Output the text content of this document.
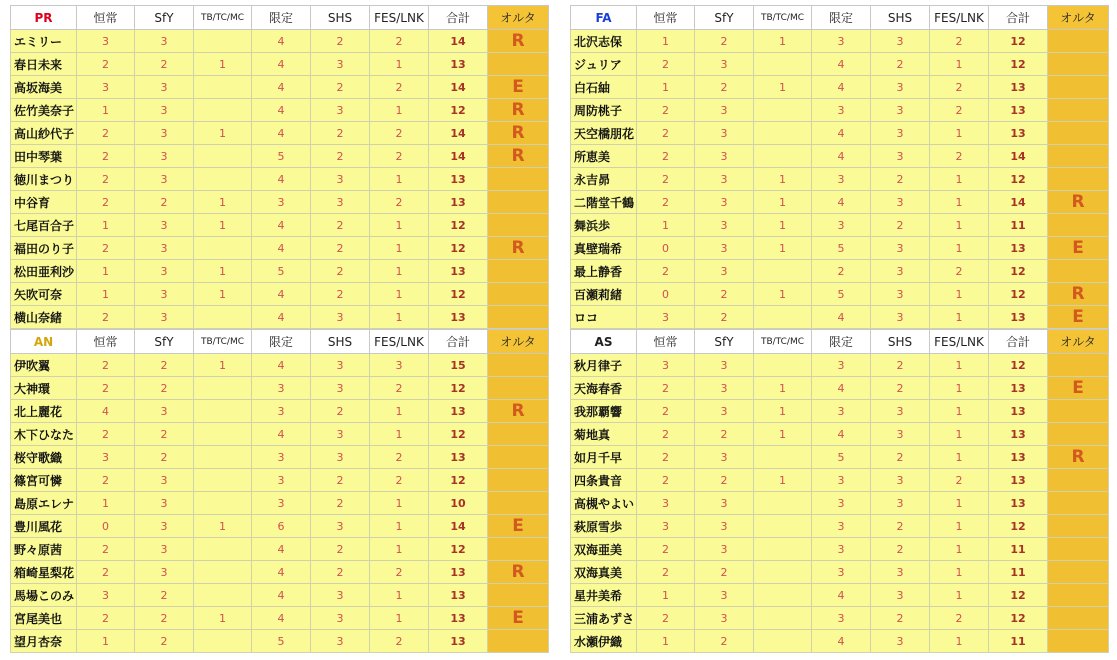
PR	恒常	SfY	TB/TC/MC	限定	SHS	FES/LNK	合計	オルタ
エミリー	3	3		4	2	2	14	R
春日未来	2	2	1	4	3	1	13	
高坂海美	3	3		4	2	2	14	E
佐竹美奈子	1	3		4	3	1	12	R
高山紗代子	2	3	1	4	2	2	14	R
田中琴葉	2	3		5	2	2	14	R
徳川まつり	2	3		4	3	1	13	
中谷育	2	2	1	3	3	2	13	
七尾百合子	1	3	1	4	2	1	12	
福田のり子	2	3		4	2	1	12	R
松田亜利沙	1	3	1	5	2	1	13	
矢吹可奈	1	3	1	4	2	1	12	
横山奈緒	2	3		4	3	1	13	
FA	恒常	SfY	TB/TC/MC	限定	SHS	FES/LNK	合計	オルタ
北沢志保	1	2	1	3	3	2	12	
ジュリア	2	3		4	2	1	12	
白石紬	1	2	1	4	3	2	13	
周防桃子	2	3		3	3	2	13	
天空橋朋花	2	3		4	3	1	13	
所恵美	2	3		4	3	2	14	
永吉昴	2	3	1	3	2	1	12	
二階堂千鶴	2	3	1	4	3	1	14	R
舞浜歩	1	3	1	3	2	1	11	
真壁瑞希	0	3	1	5	3	1	13	E
最上静香	2	3		2	3	2	12	
百瀬莉緒	0	2	1	5	3	1	12	R
ロコ	3	2		4	3	1	13	E
AN	恒常	SfY	TB/TC/MC	限定	SHS	FES/LNK	合計	オルタ
伊吹翼	2	2	1	4	3	3	15	
大神環	2	2		3	3	2	12	
北上麗花	4	3		3	2	1	13	R
木下ひなた	2	2		4	3	1	12	
桜守歌織	3	2		3	3	2	13	
篠宮可憐	2	3		3	2	2	12	
島原エレナ	1	3		3	2	1	10	
豊川風花	0	3	1	6	3	1	14	E
野々原茜	2	3		4	2	1	12	
箱崎星梨花	2	3		4	2	2	13	R
馬場このみ	3	2		4	3	1	13	
宮尾美也	2	2	1	4	3	1	13	E
望月杏奈	1	2		5	3	2	13	
AS	恒常	SfY	TB/TC/MC	限定	SHS	FES/LNK	合計	オルタ
秋月律子	3	3		3	2	1	12	
天海春香	2	3	1	4	2	1	13	E
我那覇響	2	3	1	3	3	1	13	
菊地真	2	2	1	4	3	1	13	
如月千早	2	3		5	2	1	13	R
四条貴音	2	2	1	3	3	2	13	
高槻やよい	3	3		3	3	1	13	
萩原雪歩	3	3		3	2	1	12	
双海亜美	2	3		3	2	1	11	
双海真美	2	2		3	3	1	11	
星井美希	1	3		4	3	1	12	
三浦あずさ	2	3		3	2	2	12	
水瀬伊織	1	2		4	3	1	11	
